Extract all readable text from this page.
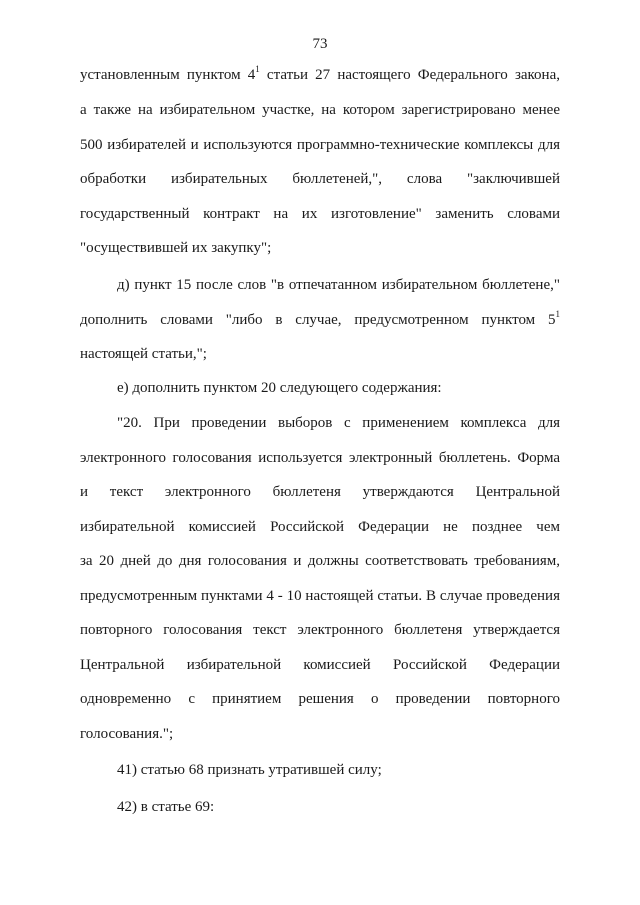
73
установленным пунктом $4^1$ статьи 27 настоящего Федерального закона,
а также на избирательном участке, на котором зарегистрировано менее
500 избирателей и используются программно-технические комплексы для
обработки избирательных бюллетеней,", слова "заключившей
государственный контракт на их изготовление" заменить словами
"осуществившей их закупку";
д) пункт 15 после слов "в отпечатанном избирательном бюллетене,"
дополнить словами "либо в случае, предусмотренном пунктом $5^1$
настоящей статьи,";
е) дополнить пунктом 20 следующего содержания:
"20. При проведении выборов с применением комплекса для
электронного голосования используется электронный бюллетень. Форма
и текст электронного бюллетеня утверждаются Центральной
избирательной комиссией Российской Федерации не позднее чем
за 20 дней до дня голосования и должны соответствовать требованиям,
предусмотренным пунктами 4 - 10 настоящей статьи. В случае проведения
повторного голосования текст электронного бюллетеня утверждается
Центральной избирательной комиссией Российской Федерации
одновременно с принятием решения о проведении повторного
голосования.";
41) статью 68 признать утратившей силу;
42) в статье 69:
